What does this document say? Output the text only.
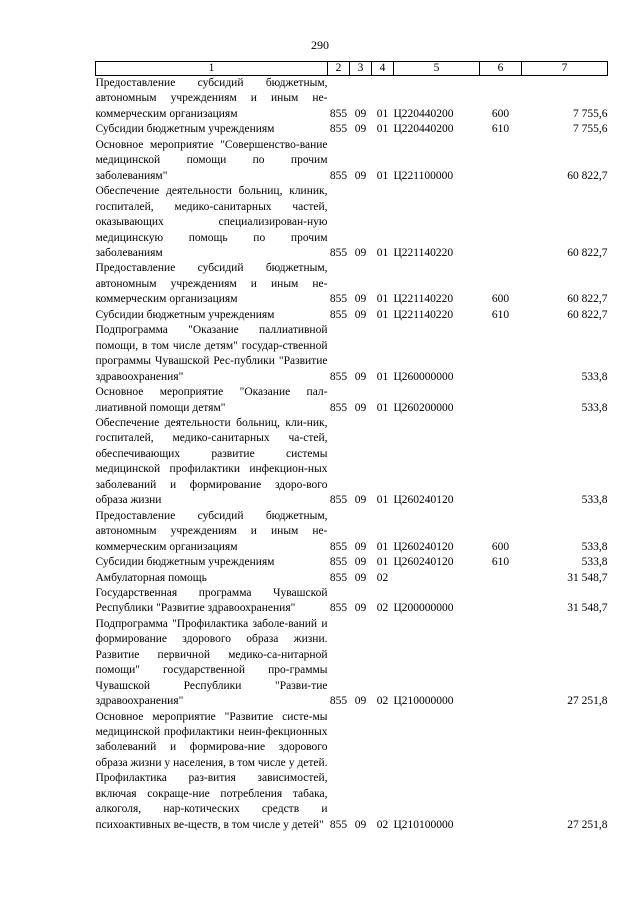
290
1	2	3	4	5	6	7
Предоставление субсидий бюджетным, автономным учреждениям и иным не-коммерческим организациям	855	09	01	Ц220440200	600	7 755,6
Субсидии бюджетным учреждениям	855	09	01	Ц220440200	610	7 755,6
Основное мероприятие "Совершенство-вание медицинской помощи по прочим заболеваниям"	855	09	01	Ц221100000		60 822,7
Обеспечение деятельности больниц, клиник, госпиталей, медико-санитарных частей, оказывающих специализирован-ную медицинскую помощь по прочим заболеваниям	855	09	01	Ц221140220		60 822,7
Предоставление субсидий бюджетным, автономным учреждениям и иным не-коммерческим организациям	855	09	01	Ц221140220	600	60 822,7
Субсидии бюджетным учреждениям	855	09	01	Ц221140220	610	60 822,7
Подпрограмма "Оказание паллиативной помощи, в том числе детям" государ-ственной программы Чувашской Рес-публики "Развитие здравоохранения"	855	09	01	Ц260000000		533,8
Основное мероприятие "Оказание пал-лиативной помощи детям"	855	09	01	Ц260200000		533,8
Обеспечение деятельности больниц, кли-ник, госпиталей, медико-санитарных ча-стей, обеспечивающих развитие системы медицинской профилактики инфекцион-ных заболеваний и формирование здоро-вого образа жизни	855	09	01	Ц260240120		533,8
Предоставление субсидий бюджетным, автономным учреждениям и иным не-коммерческим организациям	855	09	01	Ц260240120	600	533,8
Субсидии бюджетным учреждениям	855	09	01	Ц260240120	610	533,8
Амбулаторная помощь	855	09	02			31 548,7
Государственная программа Чувашской Республики "Развитие здравоохранения"	855	09	02	Ц200000000		31 548,7
Подпрограмма "Профилактика заболе-ваний и формирование здорового образа жизни. Развитие первичной медико-са-нитарной помощи" государственной про-граммы Чувашской Республики "Разви-тие здравоохранения"	855	09	02	Ц210000000		27 251,8
Основное мероприятие "Развитие систе-мы медицинской профилактики неин-фекционных заболеваний и формирова-ние здорового образа жизни у населения, в том числе у детей. Профилактика раз-вития зависимостей, включая сокраще-ние потребления табака, алкоголя, нар-котических средств и психоактивных ве-ществ, в том числе у детей"	855	09	02	Ц210100000		27 251,8
